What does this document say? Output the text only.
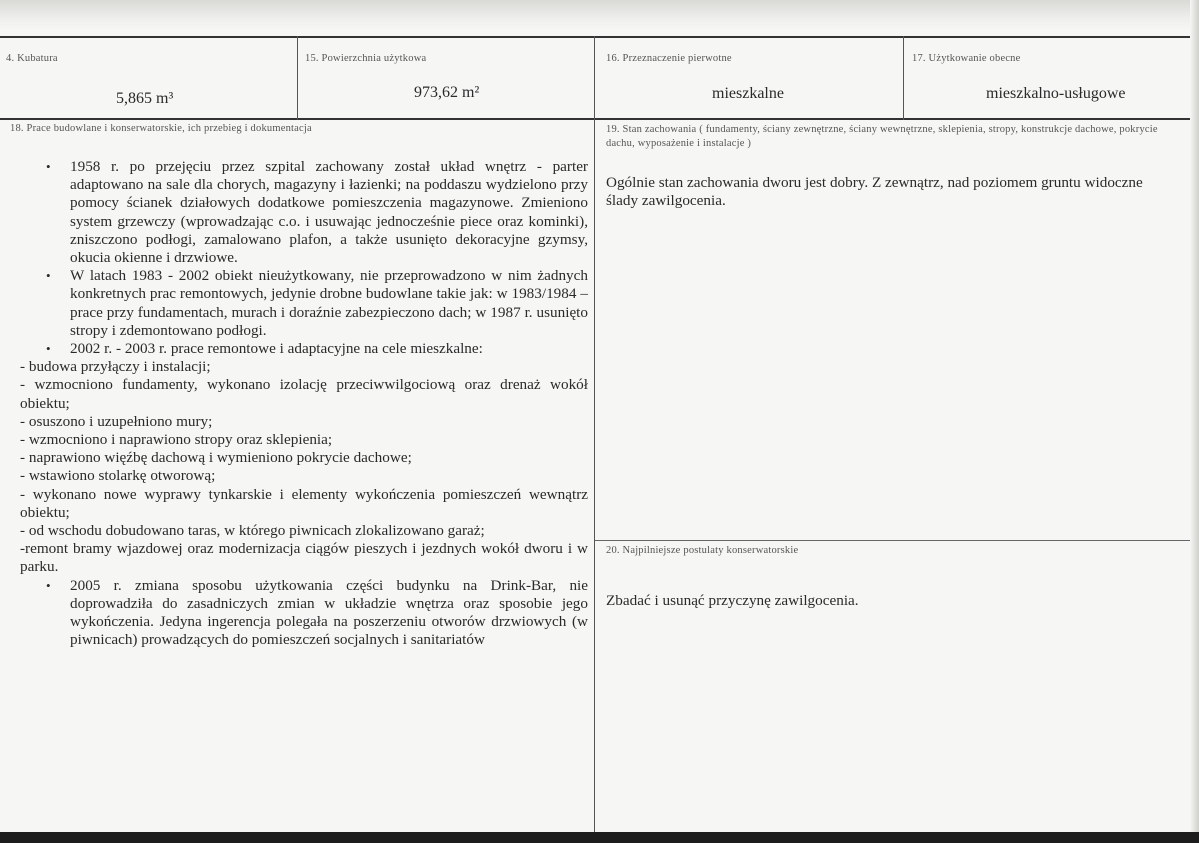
4. Kubatura
5,865 m³
15. Powierzchnia użytkowa
973,62 m²
16. Przeznaczenie pierwotne
mieszkalne
17. Użytkowanie obecne
mieszkalno-usługowe
18. Prace budowlane i konserwatorskie, ich przebieg i dokumentacja

• 1958 r. po przejęciu przez szpital zachowany został układ wnętrz - parter adaptowano na sale dla chorych, magazyny i łazienki; na poddaszu wydzielono przy pomocy ścianek działowych dodatkowe pomieszczenia magazynowe. Zmieniono system grzewczy (wprowadzając c.o. i usuwając jednocześnie piece oraz kominki), zniszczono podłogi, zamalowano plafon, a także usunięto dekoracyjne gzymsy, okucia okienne i drzwiowe.

• W latach 1983 - 2002 obiekt nieużytkowany, nie przeprowadzono w nim żadnych konkretnych prac remontowych, jedynie drobne budowlane takie jak: w 1983/1984 – prace przy fundamentach, murach i doraźnie zabezpieczono dach; w 1987 r. usunięto stropy i zdemontowano podłogi.

• 2002 r. - 2003 r. prace remontowe i adaptacyjne na cele mieszkalne:

- budowa przyłączy i instalacji;

- wzmocniono fundamenty, wykonano izolację przeciwwilgociową oraz drenaż wokół obiektu;

- osuszono i uzupełniono mury;

- wzmocniono i naprawiono stropy oraz sklepienia;

- naprawiono więźbę dachową i wymieniono pokrycie dachowe;

- wstawiono stolarkę otworową;

- wykonano nowe wyprawy tynkarskie i elementy wykończenia pomieszczeń wewnątrz obiektu;

- od wschodu dobudowano taras, w którego piwnicach zlokalizowano garaż;

-remont bramy wjazdowej oraz modernizacja ciągów pieszych i jezdnych wokół dworu i w parku.

• 2005 r. zmiana sposobu użytkowania części budynku na Drink-Bar, nie doprowadziła do zasadniczych zmian w układzie wnętrza oraz sposobie jego wykończenia. Jedyna ingerencja polegała na poszerzeniu otworów drzwiowych (w piwnicach) prowadzących do pomieszczeń socjalnych i sanitariatów

19. Stan zachowania ( fundamenty, ściany zewnętrzne, ściany wewnętrzne, sklepienia, stropy, konstrukcje dachowe, pokrycie dachu, wyposażenie i instalacje )
Ogólnie stan zachowania dworu jest dobry. Z zewnątrz, nad poziomem gruntu widoczne ślady zawilgocenia.
20. Najpilniejsze postulaty konserwatorskie
Zbadać i usunąć przyczynę zawilgocenia.
